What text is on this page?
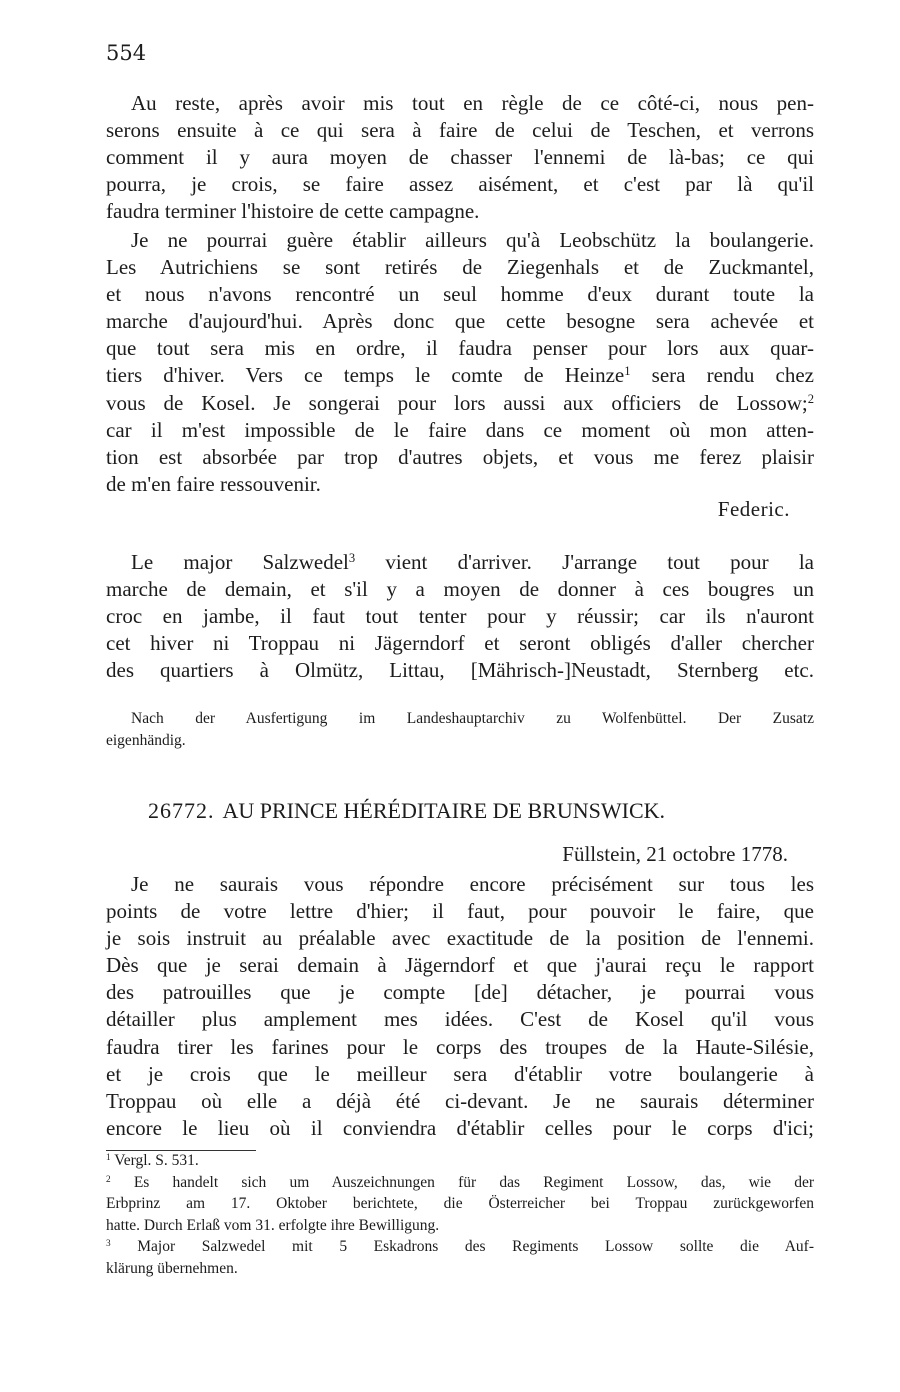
554
Au reste, après avoir mis tout en règle de ce côté-ci, nous pen-
serons ensuite à ce qui sera à faire de celui de Teschen, et verrons
comment il y aura moyen de chasser l'ennemi de là-bas; ce qui
pourra, je crois, se faire assez aisément, et c'est par là qu'il
faudra terminer l'histoire de cette campagne.
Je ne pourrai guère établir ailleurs qu'à Leobschütz la boulangerie.
Les Autrichiens se sont retirés de Ziegenhals et de Zuckmantel,
et nous n'avons rencontré un seul homme d'eux durant toute la
marche d'aujourd'hui. Après donc que cette besogne sera achevée et
que tout sera mis en ordre, il faudra penser pour lors aux quar-
tiers d'hiver. Vers ce temps le comte de Heinze$^1$ sera rendu chez
vous de Kosel. Je songerai pour lors aussi aux officiers de Lossow;$^2$
car il m'est impossible de le faire dans ce moment où mon atten-
tion est absorbée par trop d'autres objets, et vous me ferez plaisir
de m'en faire ressouvenir.
Federic.
Le major Salzwedel$^3$ vient d'arriver. J'arrange tout pour la
marche de demain, et s'il y a moyen de donner à ces bougres un
croc en jambe, il faut tout tenter pour y réussir; car ils n'auront
cet hiver ni Troppau ni Jägerndorf et seront obligés d'aller chercher
des quartiers à Olmütz, Littau, [Mährisch-]Neustadt, Sternberg etc.
Nach der Ausfertigung im Landeshauptarchiv zu Wolfenbüttel. Der Zusatz
eigenhändig.
26772. AU PRINCE HÉRÉDITAIRE DE BRUNSWICK.
Füllstein, 21 octobre 1778.
Je ne saurais vous répondre encore précisément sur tous les
points de votre lettre d'hier; il faut, pour pouvoir le faire, que
je sois instruit au préalable avec exactitude de la position de l'ennemi.
Dès que je serai demain à Jägerndorf et que j'aurai reçu le rapport
des patrouilles que je compte [de] détacher, je pourrai vous
détailler plus amplement mes idées. C'est de Kosel qu'il vous
faudra tirer les farines pour le corps des troupes de la Haute-Silésie,
et je crois que le meilleur sera d'établir votre boulangerie à
Troppau où elle a déjà été ci-devant. Je ne saurais déterminer
encore le lieu où il conviendra d'établir celles pour le corps d'ici;
$^1$ Vergl. S. 531.
$^2$ Es handelt sich um Auszeichnungen für das Regiment Lossow, das, wie der
Erbprinz am 17. Oktober berichtete, die Österreicher bei Troppau zurückgeworfen
hatte. Durch Erlaß vom 31. erfolgte ihre Bewilligung.
$^3$ Major Salzwedel mit 5 Eskadrons des Regiments Lossow sollte die Auf-
klärung übernehmen.
